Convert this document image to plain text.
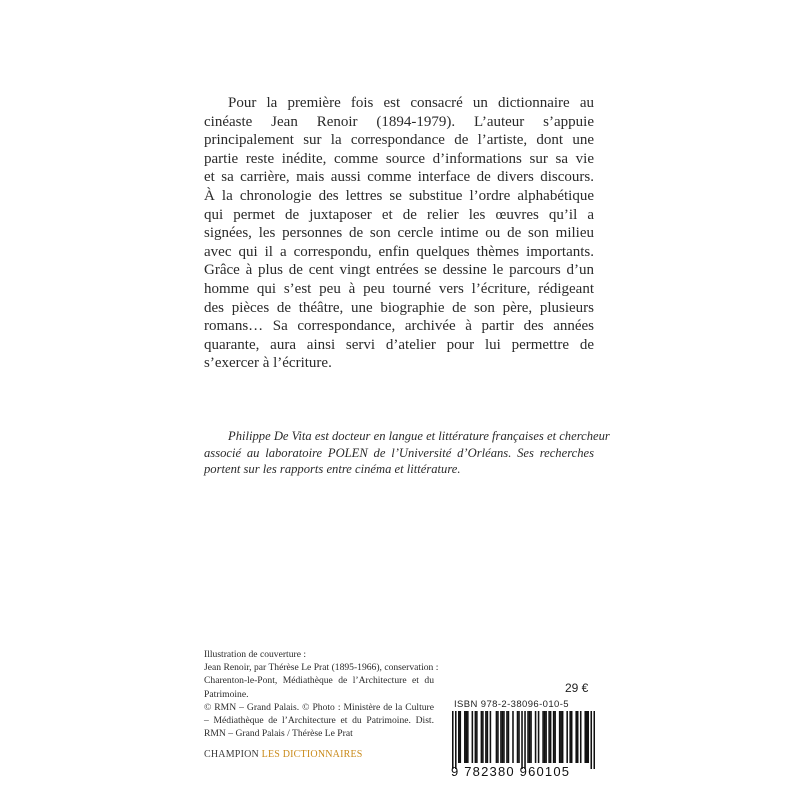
Pour la première fois est consacré un dictionnaire au
cinéaste Jean Renoir (1894-1979). L’auteur s’appuie
principalement sur la correspondance de l’artiste, dont une
partie reste inédite, comme source d’informations sur sa vie
et sa carrière, mais aussi comme interface de divers discours.
À la chronologie des lettres se substitue l’ordre alphabétique
qui permet de juxtaposer et de relier les œuvres qu’il a
signées, les personnes de son cercle intime ou de son milieu
avec qui il a correspondu, enfin quelques thèmes importants.
Grâce à plus de cent vingt entrées se dessine le parcours d’un
homme qui s’est peu à peu tourné vers l’écriture, rédigeant
des pièces de théâtre, une biographie de son père, plusieurs
romans… Sa correspondance, archivée à partir des années
quarante, aura ainsi servi d’atelier pour lui permettre de
s’exercer à l’écriture.
Philippe De Vita est docteur en langue et littérature françaises et chercheur
associé au laboratoire POLEN de l’Université d’Orléans. Ses recherches
portent sur les rapports entre cinéma et littérature.
Illustration de couverture :
Jean Renoir, par Thérèse Le Prat (1895-1966), conservation :
Charenton-le-Pont, Médiathèque de l’Architecture et du
Patrimoine.
© RMN – Grand Palais. © Photo : Ministère de la Culture
– Médiathèque de l’Architecture et du Patrimoine. Dist.
RMN – Grand Palais / Thérèse Le Prat
CHAMPION LES DICTIONNAIRES
29 €
ISBN 978-2-38096-010-5
9 782380 960105
